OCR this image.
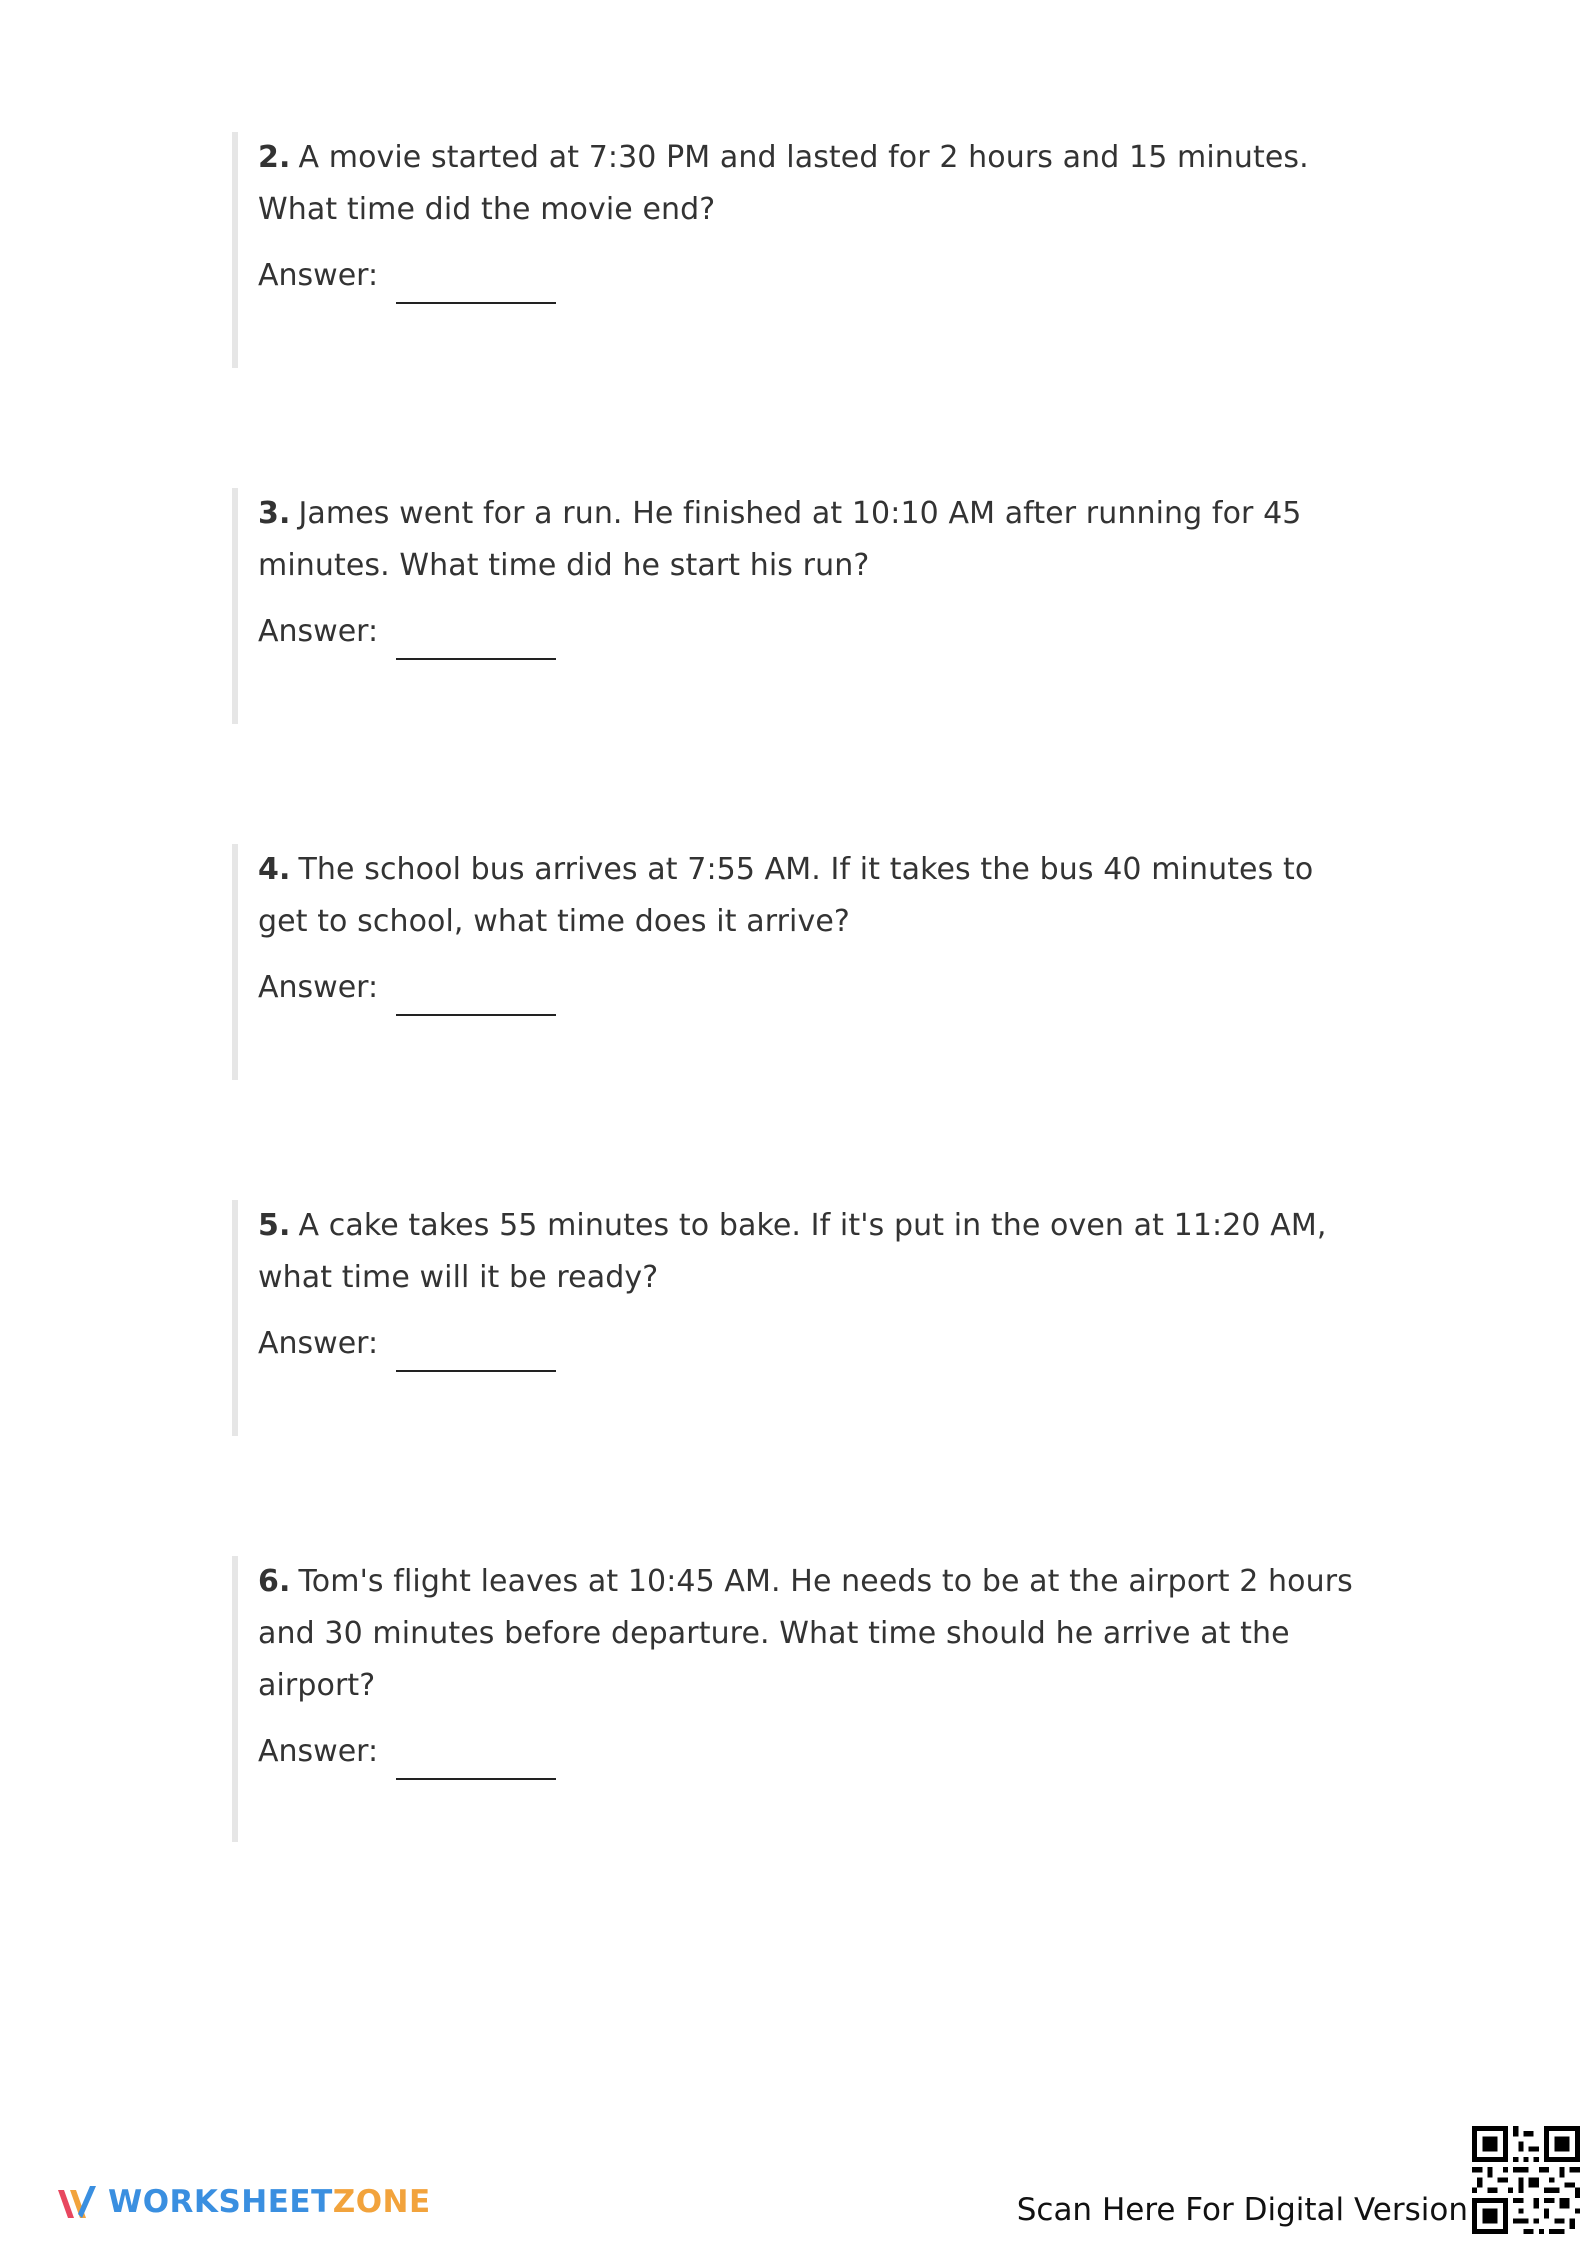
2. A movie started at 7:30 PM and lasted for 2 hours and 15 minutes. What time did the movie end?

Answer:

3. James went for a run. He finished at 10:10 AM after running for 45 minutes. What time did he start his run?

Answer:

4. The school bus arrives at 7:55 AM. If it takes the bus 40 minutes to get to school, what time does it arrive?

Answer:

5. A cake takes 55 minutes to bake. If it's put in the oven at 11:20 AM, what time will it be ready?

Answer:

6. Tom's flight leaves at 10:45 AM. He needs to be at the airport 2 hours and 30 minutes before departure. What time should he arrive at the airport?

Answer:
WORKSHEETZONE	Scan Here For Digital Version
